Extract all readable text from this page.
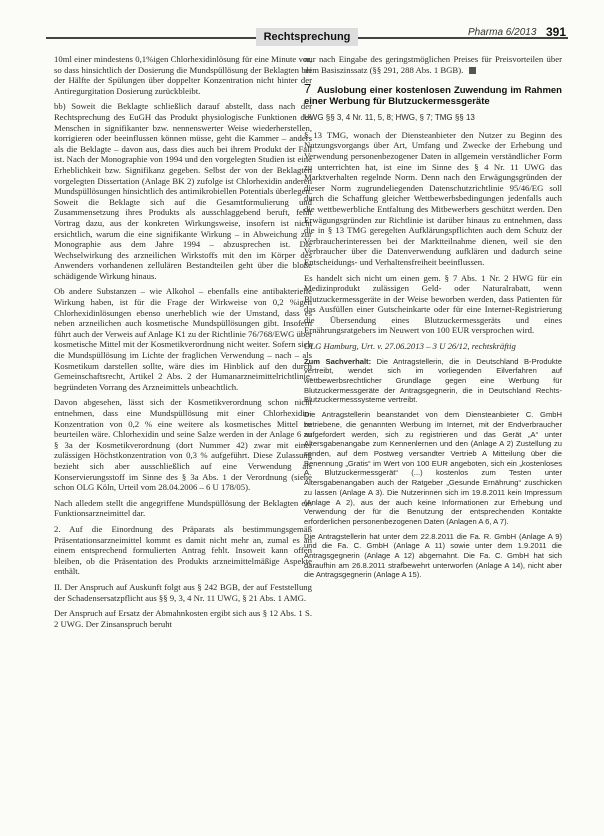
Rechtsprechung	Pharma 6/2013 391

10ml einer mindestens 0,1%igen Chlorhexidinlösung für eine Minute vor, so dass hinsichtlich der Dosierung die Mundspüllösung der Beklagten bei der Hälfte der Spülungen über doppelter Konzentration nicht hinter der Antiregurgitation Dosierung zurückbleibt.

bb) Soweit die Beklagte schließlich darauf abstellt, dass nach der Rechtsprechung des EuGH das Produkt physiologische Funktionen des Menschen in signifikanter bzw. nennenswerter Weise wiederherstellen, korrigieren oder beeinflussen können müsse, geht die Kammer – anders als die Beklagte – davon aus, dass dies auch bei ihrem Produkt der Fall ist. Nach der Monographie von 1994 und den vorgelegten Studien ist eine Erheblichkeit bzw. Signifikanz gegeben. Selbst der von der Beklagten vorgelegten Dissertation (Anlage BK 2) zufolge ist Chlorhexidin anderen Mundspüllösungen hinsichtlich des antimikrobiellen Potentials überlegen. Soweit die Beklagte sich auf die Gesamtformulierung und Zusammensetzung ihres Produkts als ausschlaggebend beruft, fehlt Vortrag dazu, aus der konkreten Wirkungsweise, insofern ist nicht ersichtlich, warum die eine signifikante Wirkung – in Abweichung zur Monographie aus dem Jahre 1994 – abzusprechen ist. Die Wechselwirkung des arzneilichen Wirkstoffs mit den im Körper des Anwenders vorhandenen zellulären Bestandteilen geht über die bloße schädigende Wirkung hinaus.

Ob andere Substanzen – wie Alkohol – ebenfalls eine antibakterielle Wirkung haben, ist für die Frage der Wirkweise von 0,2 %igen Chlorhexidinlösungen ebenso unerheblich wie der Umstand, dass es neben arzneilichen auch kosmetische Mundspüllösungen gibt. Insofern führt auch der Verweis auf Anlage K1 zu der Richtlinie 76/768/EWG über kosmetische Mittel mit der Kosmetikverordnung nicht weiter. Sofern sich die Mundspüllösung im Lichte der fraglichen Verwendung – nach – als Kosmetikum darstellen sollte, wäre dies im Hinblick auf den durch Gemeinschaftsrecht, Artikel 2 Abs. 2 der Humanarzneimittelrichtlinie, begründeten Vorrang des Arzneimittels unbeachtlich.

Davon abgesehen, lässt sich der Kosmetikverordnung schon nicht entnehmen, dass eine Mundspüllösung mit einer Chlorhexidin-Konzentration von 0,2 % eine weitere als kosmetisches Mittel zu beurteilen wäre. Chlorhexidin und seine Salze werden in der Anlage 6 zu § 3a der Kosmetikverordnung (dort Nummer 42) zwar mit einer zulässigen Höchstkonzentration von 0,3 % aufgeführt. Diese Zulassung bezieht sich aber ausschließlich auf eine Verwendung als Konservierungsstoff im Sinne des § 3a Abs. 1 der Verordnung (siehe schon OLG Köln, Urteil vom 28.04.2006 – 6 U 178/05).

Nach alledem stellt die angegriffene Mundspüllösung der Beklagten ein Funktionsarzneimittel dar.

2. Auf die Einordnung des Präparats als bestimmungsgemäß Präsentationsarzneimittel kommt es damit nicht mehr an, zumal es an einem entsprechend formulierten Antrag fehlt. Insoweit kann offen bleiben, ob die Präsentation des Produkts arzneimittelmäßige Aspekte enthält.

II. Der Anspruch auf Auskunft folgt aus § 242 BGB, der auf Feststellung der Schadensersatzpflicht aus §§ 9, 3, 4 Nr. 11 UWG, § 21 Abs. 1 AMG.

Der Anspruch auf Ersatz der Abmahnkosten ergibt sich aus § 12 Abs. 1 S. 2 UWG. Der Zinsanspruch beruht

nur nach Eingabe des geringstmöglichen Preises für Preisvorteilen über dem Basiszinssatz (§§ 291, 288 Abs. 1 BGB).

7 Auslobung einer kostenlosen Zuwendung im Rahmen einer Werbung für Blutzuckermessgeräte
UWG §§ 3, 4 Nr. 11, 5, 8; HWG, § 7; TMG §§ 13

§ 13 TMG, wonach der Diensteanbieter den Nutzer zu Beginn des Nutzungsvorgangs über Art, Umfang und Zwecke der Erhebung und Verwendung personenbezogener Daten in allgemein verständlicher Form zu unterrichten hat, ist eine im Sinne des § 4 Nr. 11 UWG das Marktverhalten regelnde Norm. Denn nach den Erwägungsgründen der dieser Norm zugrundeliegenden Datenschutzrichtlinie 95/46/EG soll durch die Schaffung gleicher Wettbewerbsbedingungen jedenfalls auch die wettbewerbliche Entfaltung des Mitbewerbers geschützt werden. Den Erwägungsgründen zur Richtlinie ist darüber hinaus zu entnehmen, dass die in § 13 TMG geregelten Aufklärungspflichten auch dem Schutz der Verbraucherinteressen bei der Marktteilnahme dienen, weil sie den Verbraucher über die Datenverwendung aufklären und dadurch seine Entscheidungs- und Verhaltensfreiheit beeinflussen.

Es handelt sich nicht um einen gem. § 7 Abs. 1 Nr. 2 HWG für ein Medizinprodukt zulässigen Geld- oder Naturalrabatt, wenn Blutzuckermessgeräte in der Weise beworben werden, dass Patienten für das Ausfüllen einer Gutscheinkarte oder für eine Internet-Registrierung die Übersendung eines Blutzuckermessgeräts und eines Ernährungsratgebers im Neuwert von 100 EUR versprochen wird.

OLG Hamburg, Urt. v. 27.06.2013 – 3 U 26/12, rechtskräftig

Zum Sachverhalt: Die Antragstellerin, die in Deutschland B-Produkte vertreibt, wendet sich im vorliegenden Eilverfahren auf wettbewerbsrechtlicher Grundlage gegen eine Werbung für Blutzuckermessgeräte der Antragsgegnerin, die in Deutschland Rechts-Blutzuckermesssysteme vertreibt.

Die Antragstellerin beanstandet von dem Diensteanbieter C. GmbH betriebene, die genannten Werbung im Internet, mit der Endverbraucher aufgefordert werden, sich zu registrieren und das Gerät „A“ unter Altersgabenangabe zum Kennenlernen und den (Anlage A 2) Zustellung zu senden, auf dem Postweg versandter Vertrieb A Mitteilung über die Benennung „Gratis“ im Wert von 100 EUR angeboten, sich ein „kostenloses A. Blutzuckermessgerät“ (...) kostenlos zum Testen unter Altersgabenangaben auch der Ratgeber „Gesunde Ernährung“ zuschicken zu lassen (Anlage A 3). Die Nutzerinnen sich im 19.8.2011 kein Impressum (Anlage A 2), aus der auch keine Informationen zur Erhebung und Verwendung der für die Benutzung der entsprechenden Kontakte erforderlichen personenbezogenen Daten (Anlagen A 6, A 7).

Die Antragstellerin hat unter dem 22.8.2011 die Fa. R. GmbH (Anlage A 9) und die Fa. C. GmbH (Anlage A 11) sowie unter dem 1.9.2011 die Antragsgegnerin (Anlage A 12) abgemahnt. Die Fa. C. GmbH hat sich daraufhin am 26.8.2011 strafbewehrt unterworfen (Anlage A 14), nicht aber die Antragsgegnerin (Anlage A 15).
